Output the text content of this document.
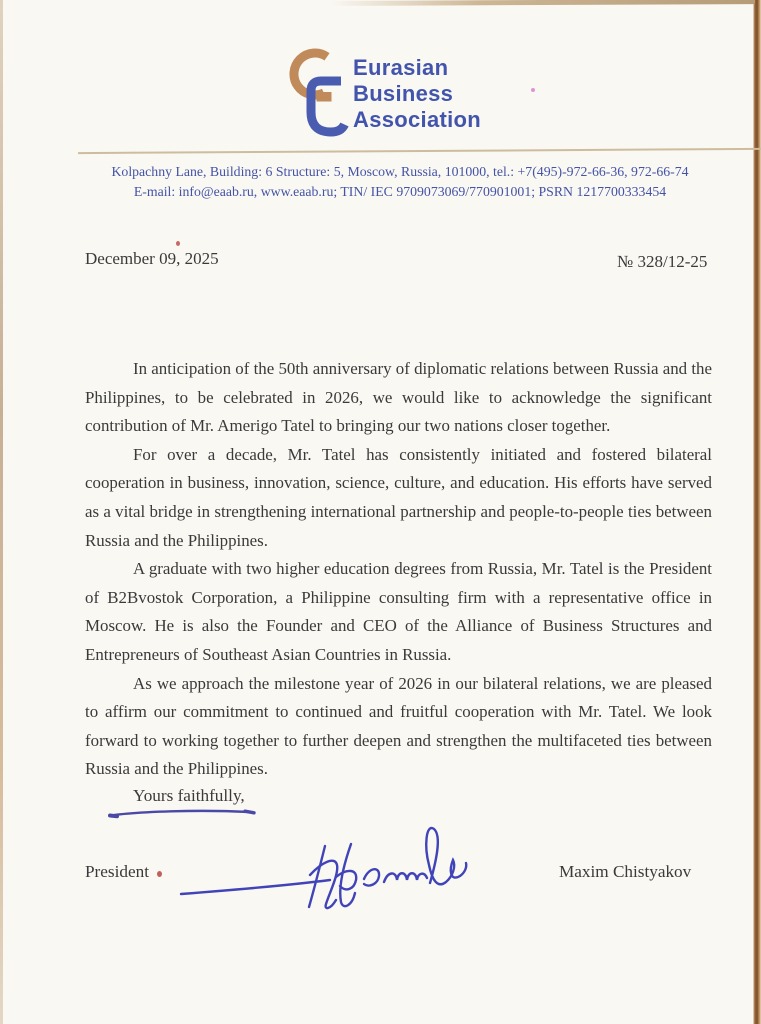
Eurasian
Business
Association
Kolpachny Lane, Building: 6 Structure: 5, Moscow, Russia, 101000, tel.: +7(495)-972-66-36, 972-66-74
E-mail: info@eaab.ru, www.eaab.ru; TIN/ IEC 9709073069/770901001; PSRN 1217700333454
December 09, 2025	№ 328/12-25

In anticipation of the 50th anniversary of diplomatic relations between Russia and the Philippines, to be celebrated in 2026, we would like to acknowledge the significant contribution of Mr. Amerigo Tatel to bringing our two nations closer together.

For over a decade, Mr. Tatel has consistently initiated and fostered bilateral cooperation in business, innovation, science, culture, and education. His efforts have served as a vital bridge in strengthening international partnership and people-to-people ties between Russia and the Philippines.

A graduate with two higher education degrees from Russia, Mr. Tatel is the President of B2Bvostok Corporation, a Philippine consulting firm with a representative office in Moscow. He is also the Founder and CEO of the Alliance of Business Structures and Entrepreneurs of Southeast Asian Countries in Russia.

As we approach the milestone year of 2026 in our bilateral relations, we are pleased to affirm our commitment to continued and fruitful cooperation with Mr. Tatel. We look forward to working together to further deepen and strengthen the multifaceted ties between Russia and the Philippines.

Yours faithfully,
President	Maxim Chistyakov
